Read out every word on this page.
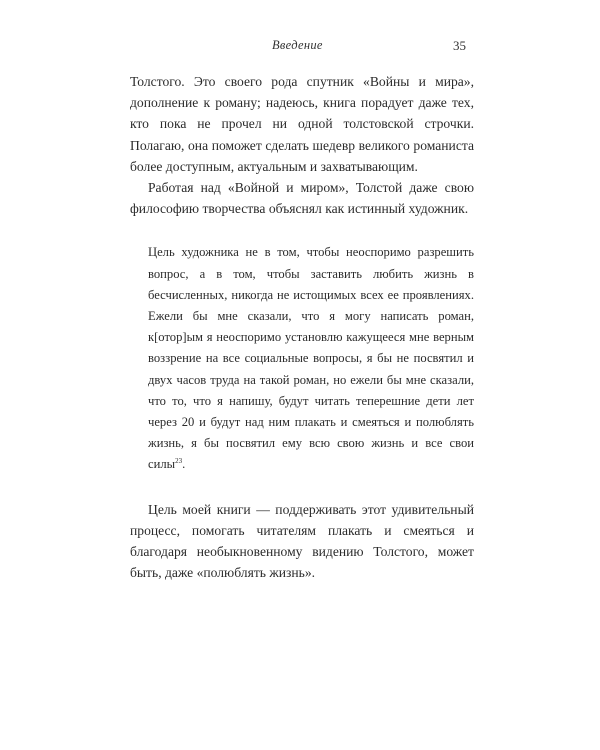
Введение	35

Толстого. Это своего рода спутник «Войны и мира», дополнение к роману; надеюсь, книга порадует даже тех, кто пока не прочел ни одной толстовской строчки. Полагаю, она поможет сделать шедевр великого романиста более доступным, актуальным и захватывающим.

Работая над «Войной и миром», Толстой даже свою философию творчества объяснял как истинный художник.

Цель художника не в том, чтобы неоспоримо разрешить вопрос, а в том, чтобы заставить любить жизнь в бесчисленных, никогда не истощимых всех ее проявлениях. Ежели бы мне сказали, что я могу написать роман, к[отор]ым я неоспоримо установлю кажущееся мне верным воззрение на все социальные вопросы, я бы не посвятил и двух часов труда на такой роман, но ежели бы мне сказали, что то, что я напишу, будут читать теперешние дети лет через 20 и будут над ним плакать и смеяться и полюблять жизнь, я бы посвятил ему всю свою жизнь и все свои силы$^{23}$.

Цель моей книги — поддерживать этот удивительный процесс, помогать читателям плакать и смеяться и благодаря необыкновенному видению Толстого, может быть, даже «полюблять жизнь».
